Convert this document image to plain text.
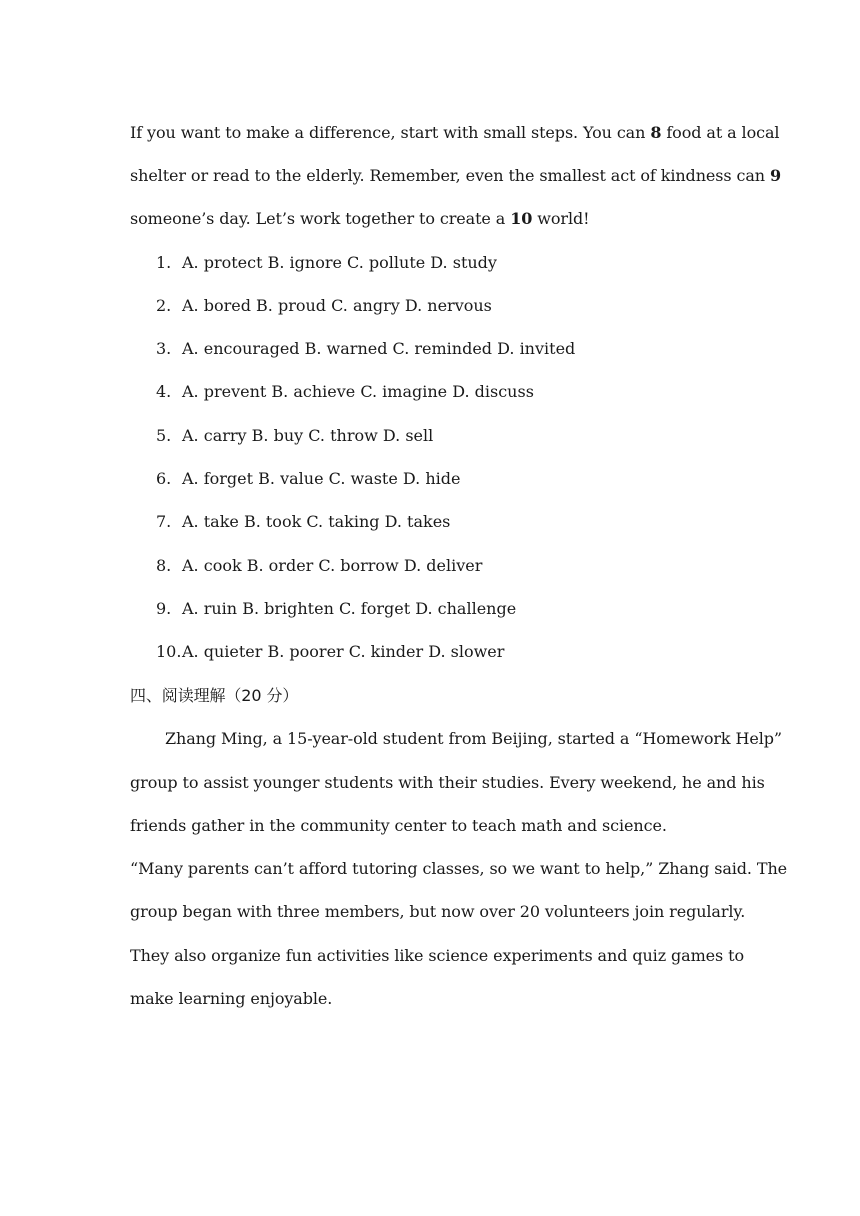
If you want to make a difference, start with small steps. You can 8 food at a local
shelter or read to the elderly. Remember, even the smallest act of kindness can 9
someone’s day. Let’s work together to create a 10 world!
1. A. protect B. ignore C. pollute D. study
2. A. bored B. proud C. angry D. nervous
3. A. encouraged B. warned C. reminded D. invited
4. A. prevent B. achieve C. imagine D. discuss
5. A. carry B. buy C. throw D. sell
6. A. forget B. value C. waste D. hide
7. A. take B. took C. taking D. takes
8. A. cook B. order C. borrow D. deliver
9. A. ruin B. brighten C. forget D. challenge
10.A. quieter B. poorer C. kinder D. slower
四、阅读理解（20 分）
Zhang Ming, a 15-year-old student from Beijing, started a “Homework Help”
group to assist younger students with their studies. Every weekend, he and his
friends gather in the community center to teach math and science.
“Many parents can’t afford tutoring classes, so we want to help,” Zhang said. The
group began with three members, but now over 20 volunteers join regularly.
They also organize fun activities like science experiments and quiz games to
make learning enjoyable.
